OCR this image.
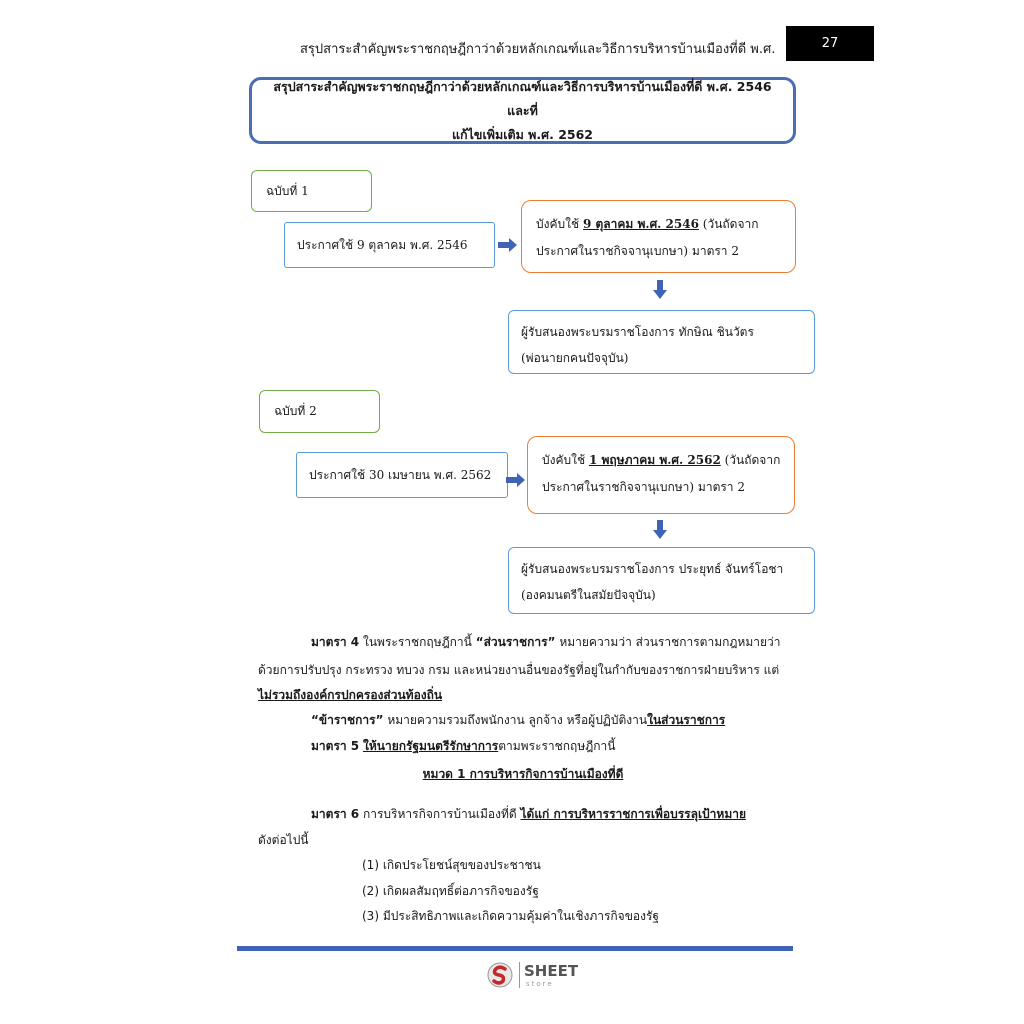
สรุปสาระสำคัญพระราชกฤษฎีกาว่าด้วยหลักเกณฑ์และวิธีการบริหารบ้านเมืองที่ดี พ.ศ.	27
สรุปสาระสำคัญพระราชกฤษฎีกาว่าด้วยหลักเกณฑ์และวิธีการบริหารบ้านเมืองที่ดี พ.ศ. 2546 และที่
แก้ไขเพิ่มเติม พ.ศ. 2562
ฉบับที่ 1
ประกาศใช้ 9 ตุลาคม พ.ศ. 2546
บังคับใช้ 9 ตุลาคม พ.ศ. 2546 (วันถัดจาก
ประกาศในราชกิจจานุเบกษา) มาตรา 2
ผู้รับสนองพระบรมราชโองการ ทักษิณ ชินวัตร
(พ่อนายกคนปัจจุบัน)
ฉบับที่ 2
ประกาศใช้ 30 เมษายน พ.ศ. 2562
บังคับใช้ 1 พฤษภาคม พ.ศ. 2562 (วันถัดจาก
ประกาศในราชกิจจานุเบกษา) มาตรา 2
ผู้รับสนองพระบรมราชโองการ ประยุทธ์ จันทร์โอชา
(องคมนตรีในสมัยปัจจุบัน)
มาตรา 4 ในพระราชกฤษฎีกานี้ “ส่วนราชการ” หมายความว่า ส่วนราชการตามกฎหมายว่า
ด้วยการปรับปรุง กระทรวง ทบวง กรม และหน่วยงานอื่นของรัฐที่อยู่ในกำกับของราชการฝ่ายบริหาร แต่
ไม่รวมถึงองค์กรปกครองส่วนท้องถิ่น
“ข้าราชการ” หมายความรวมถึงพนักงาน ลูกจ้าง หรือผู้ปฏิบัติงานในส่วนราชการ
มาตรา 5 ให้นายกรัฐมนตรีรักษาการตามพระราชกฤษฎีกานี้
หมวด 1 การบริหารกิจการบ้านเมืองที่ดี
มาตรา 6 การบริหารกิจการบ้านเมืองที่ดี ได้แก่ การบริหารราชการเพื่อบรรลุเป้าหมาย
ดังต่อไปนี้
(1) เกิดประโยชน์สุขของประชาชน
(2) เกิดผลสัมฤทธิ์ต่อภารกิจของรัฐ
(3) มีประสิทธิภาพและเกิดความคุ้มค่าในเชิงภารกิจของรัฐ
SHEET
store
